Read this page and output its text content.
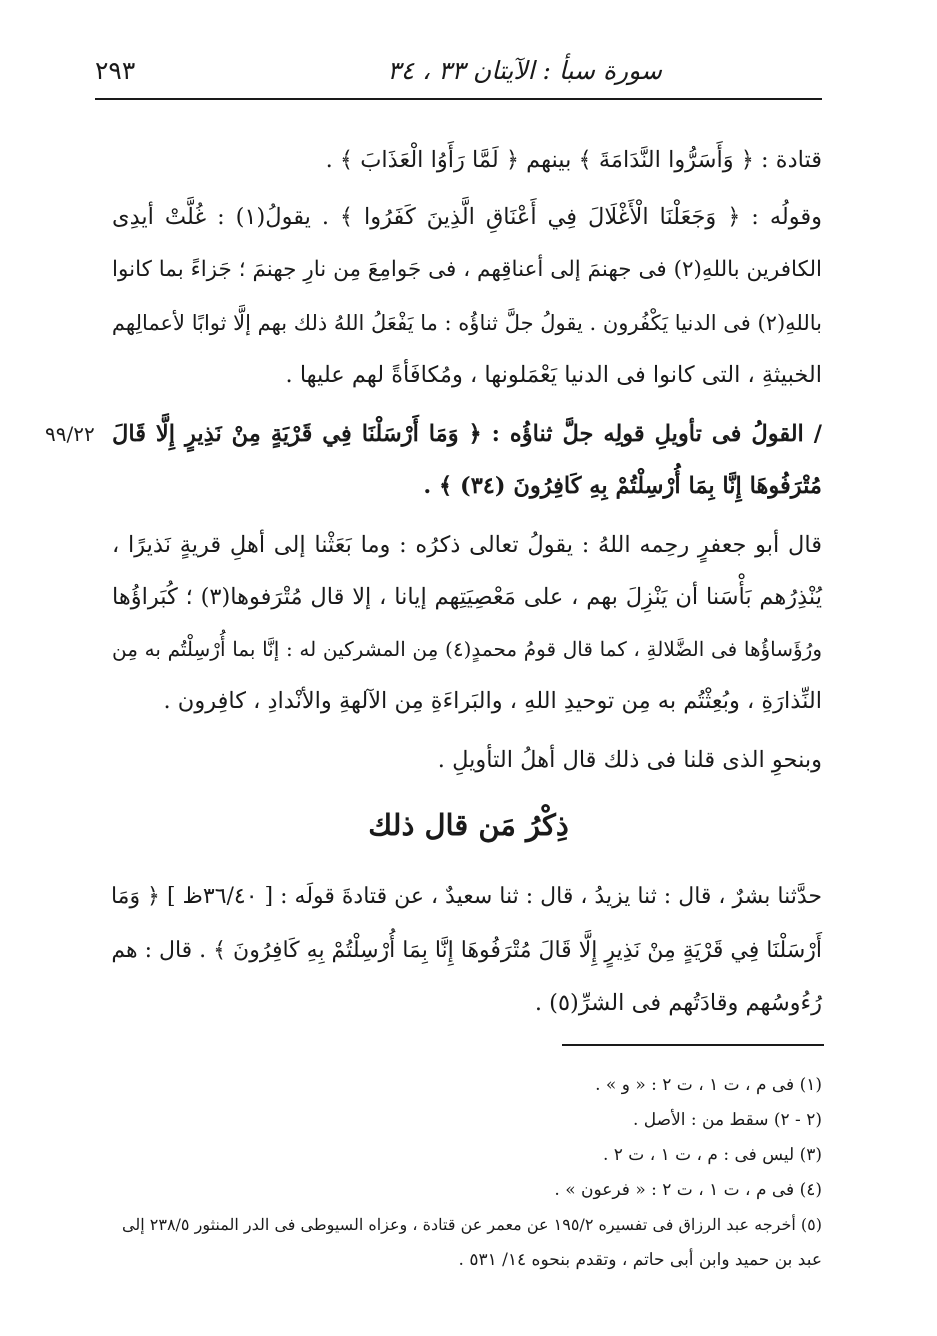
سورة سبأ : الآيتان ٣٣ ، ٣٤
٢٩٣
قتادة : ﴿ وَأَسَرُّوا النَّدَامَةَ ﴾ بينهم ﴿ لَمَّا رَأَوُا الْعَذَابَ ﴾ .
وقولُه : ﴿ وَجَعَلْنَا الْأَغْلَالَ فِي أَعْنَاقِ الَّذِينَ كَفَرُوا ﴾ . يقولُ(١) : غُلَّتْ أيدِى
الكافرين باللهِ(٢) فى جهنمَ إلى أعناقِهم ، فى جَوامِعَ مِن نارِ جهنمَ ؛ جَزاءً بما كانوا
باللهِ(٢) فى الدنيا يَكْفُرون . يقولُ جلَّ ثناؤُه : ما يَفْعَلُ اللهُ ذلك بهم إلَّا ثوابًا لأعمالِهم
الخبيثةِ ، التى كانوا فى الدنيا يَعْمَلونها ، ومُكافَأةً لهم عليها .
/ القولُ فى تأويلِ قولِه جلَّ ثناؤُه : ﴿ وَمَا أَرْسَلْنَا فِي قَرْيَةٍ مِنْ نَذِيرٍ إِلَّا قَالَ
مُتْرَفُوهَا إِنَّا بِمَا أُرْسِلْتُمْ بِهِ كَافِرُونَ (٣٤) ﴾ .
٩٩/٢٢
قال أبو جعفرٍ رحِمه اللهُ : يقولُ تعالى ذكرُه : وما بَعَثْنا إلى أهلِ قريةٍ نَذيرًا ،
يُنْذِرُهم بَأْسَنا أن يَنْزِلَ بهم ، على مَعْصِيَتِهم إيانا ، إلا قال مُتْرَفوها(٣) ؛ كُبَراؤُها
ورُؤَساؤُها فى الضَّلالةِ ، كما قال قومُ محمدٍ(٤) مِن المشركين له : إنَّا بما أُرْسِلْتُم به مِن
النِّذارَةِ ، وبُعِثْتُم به مِن توحيدِ اللهِ ، والبَراءَةِ مِن الآلهةِ والأنْدادِ ، كافِرون .
وبنحوِ الذى قلنا فى ذلك قال أهلُ التأويلِ .
ذِكْرُ مَن قال ذلك
حدَّثنا بشرٌ ، قال : ثنا يزيدُ ، قال : ثنا سعيدٌ ، عن قتادةَ قولَه : [ ٣٦/٤٠ظ ] ﴿ وَمَا
أَرْسَلْنَا فِي قَرْيَةٍ مِنْ نَذِيرٍ إِلَّا قَالَ مُتْرَفُوهَا إِنَّا بِمَا أُرْسِلْتُمْ بِهِ كَافِرُونَ ﴾ . قال : هم
رُءُوسُهم وقادَتُهم فى الشرِّ(٥) .
(١) فى م ، ت ١ ، ت ٢ : « و » .
(٢ - ٢) سقط من : الأصل .
(٣) ليس فى : م ، ت ١ ، ت ٢ .
(٤) فى م ، ت ١ ، ت ٢ : « فرعون » .
(٥) أخرجه عبد الرزاق فى تفسيره ١٩٥/٢ عن معمر عن قتادة ، وعزاه السيوطى فى الدر المنثور ٢٣٨/٥ إلى
عبد بن حميد وابن أبى حاتم ، وتقدم بنحوه ١٤/ ٥٣١ .
